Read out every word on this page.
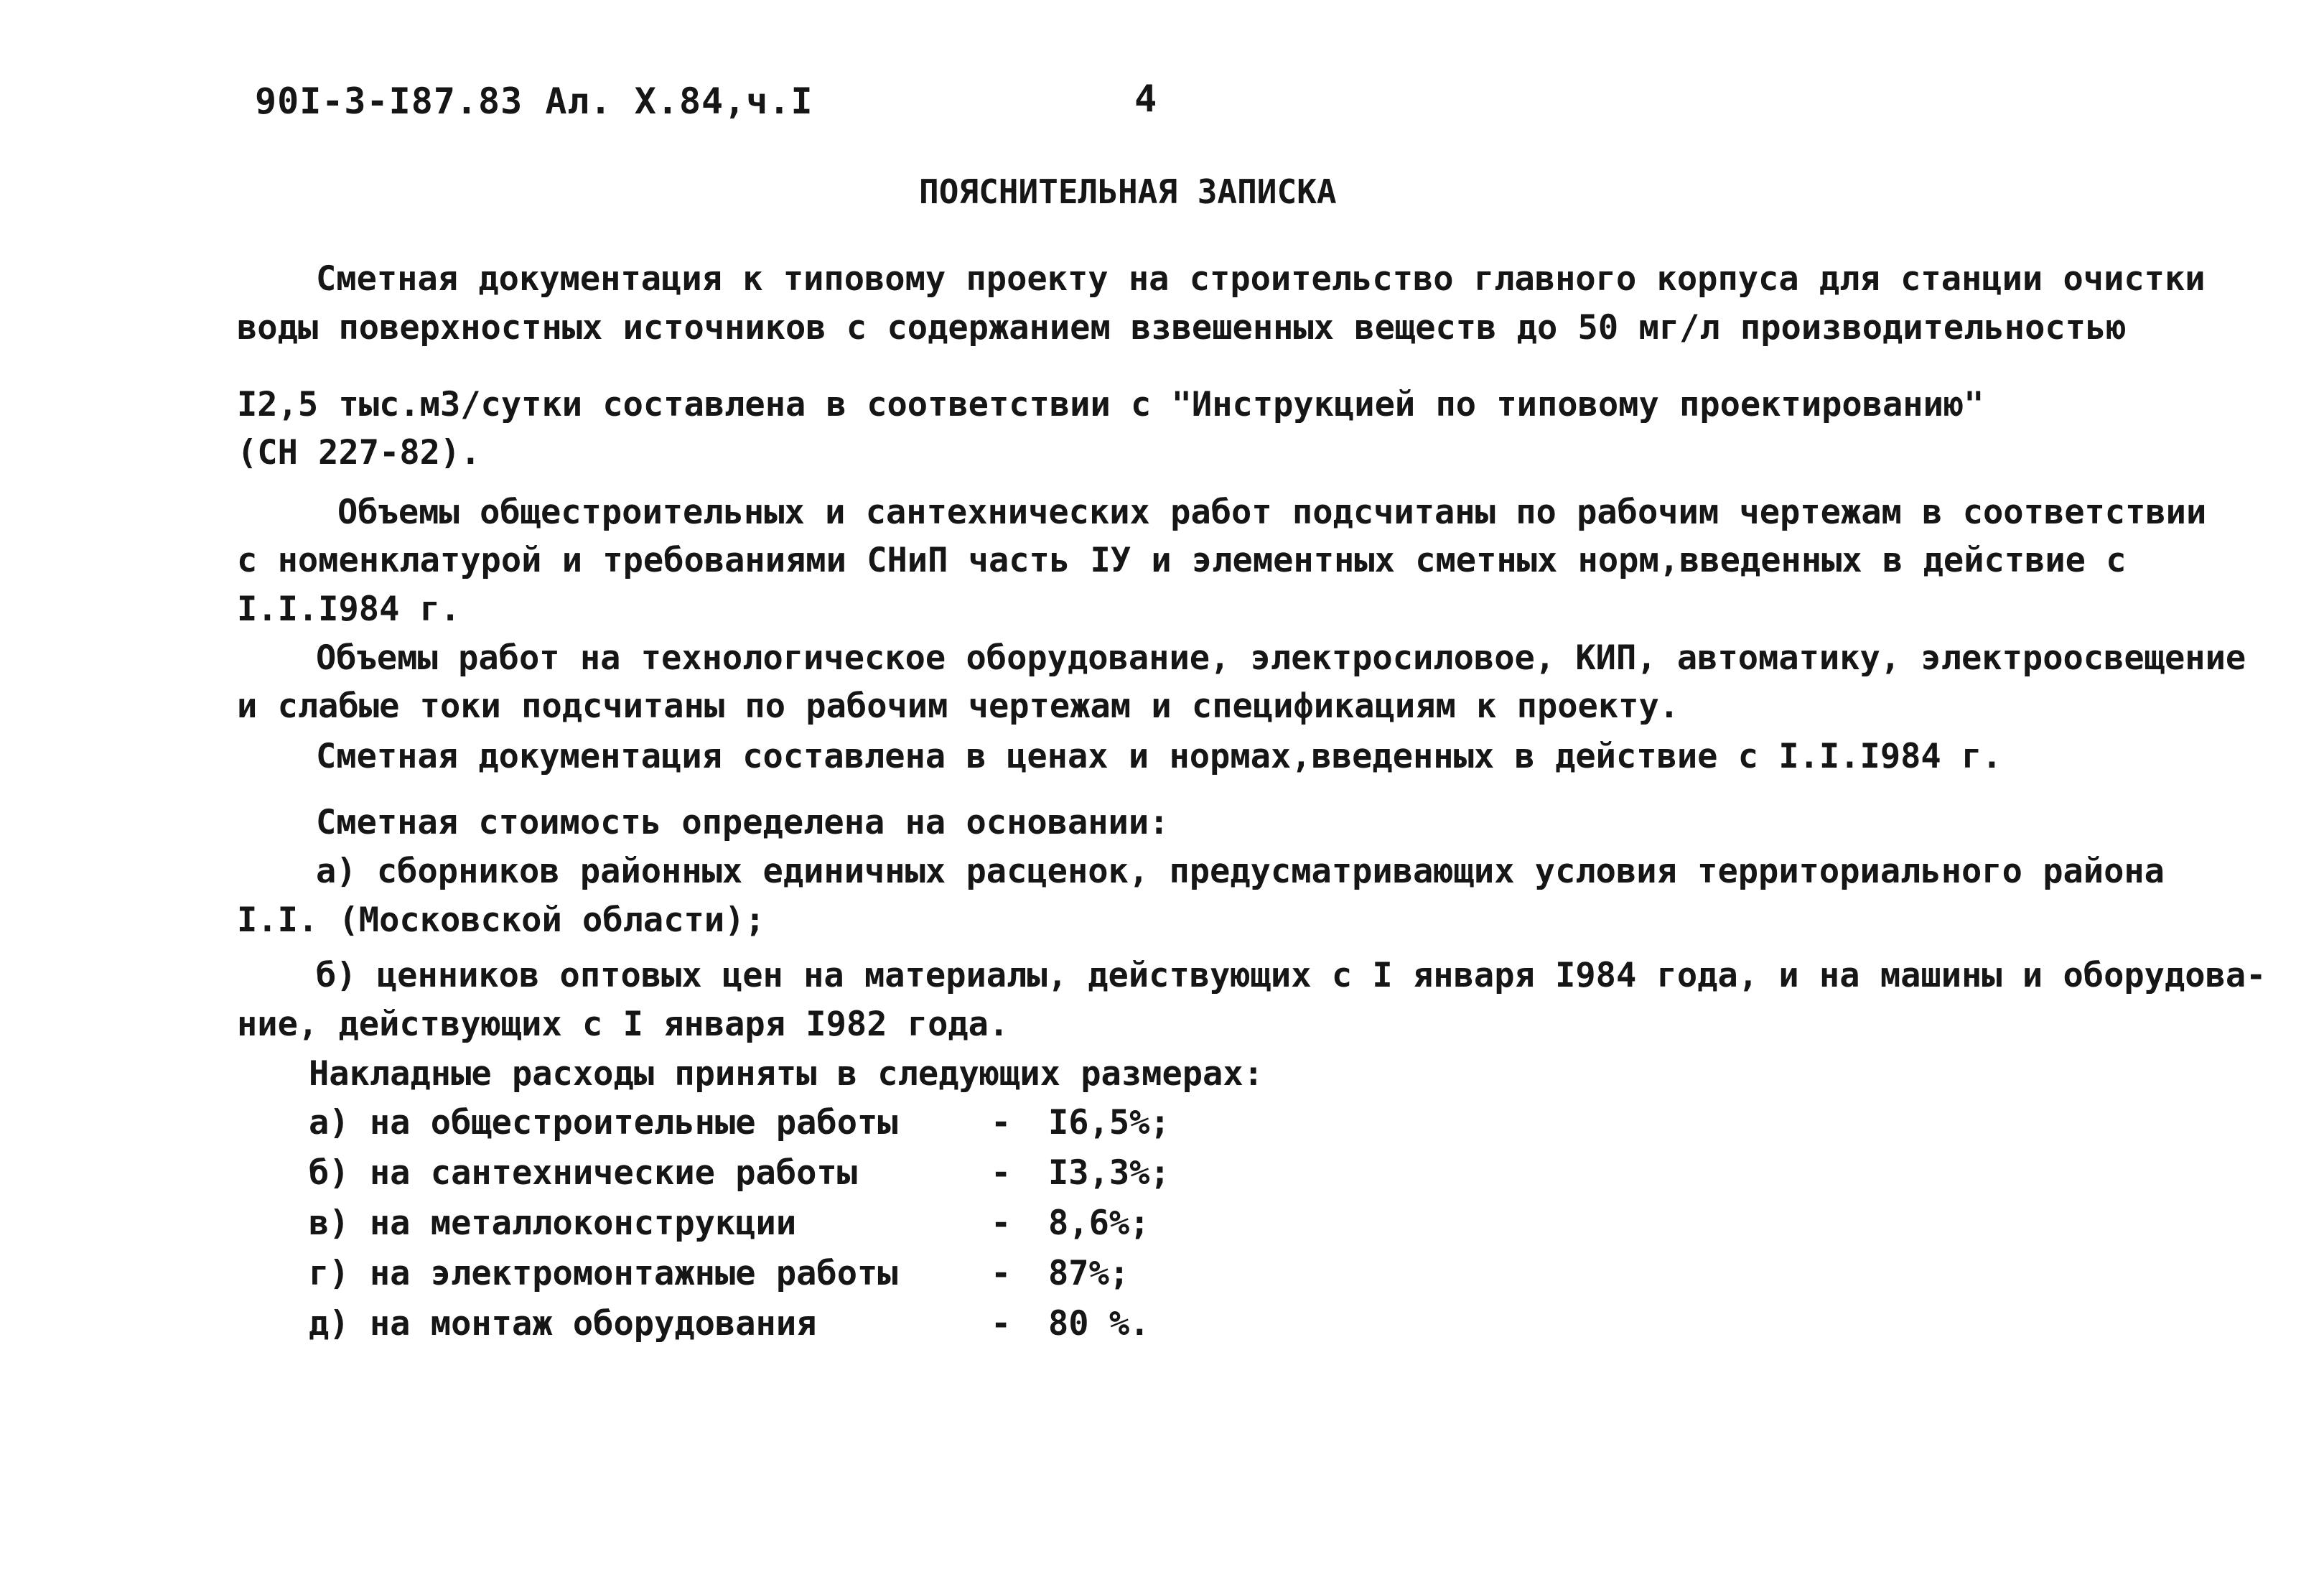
90I-3-I87.83 Ал. X.84,ч.I	4
ПОЯСНИТЕЛЬНАЯ ЗАПИСКА
Сметная документация к типовому проекту на строительство главного корпуса для станции очистки
воды поверхностных источников с содержанием взвешенных веществ до 50 мг/л производительностью
I2,5 тыс.м3/сутки составлена в соответствии с "Инструкцией по типовому проектированию"
(СН 227-82).
Объемы общестроительных и сантехнических работ подсчитаны по рабочим чертежам в соответствии
с номенклатурой и требованиями СНиП часть IУ и элементных сметных норм,введенных в действие с
I.I.I984 г.
Объемы работ на технологическое оборудование, электросиловое, КИП, автоматику, электроосвещение
и слабые токи подсчитаны по рабочим чертежам и спецификациям к проекту.
Сметная документация составлена в ценах и нормах,введенных в действие с I.I.I984 г.
Сметная стоимость определена на основании:
а) сборников районных единичных расценок, предусматривающих условия территориального района
I.I. (Московской области);
б) ценников оптовых цен на материалы, действующих с I января I984 года, и на машины и оборудова-
ние, действующих с I января I982 года.
Накладные расходы приняты в следующих размерах:
а) на общестроительные работы	- I6,5%;
б) на сантехнические работы	- I3,3%;
в) на металлоконструкции	- 8,6%;
г) на электромонтажные работы	- 87%;
д) на монтаж оборудования	- 80 %.
